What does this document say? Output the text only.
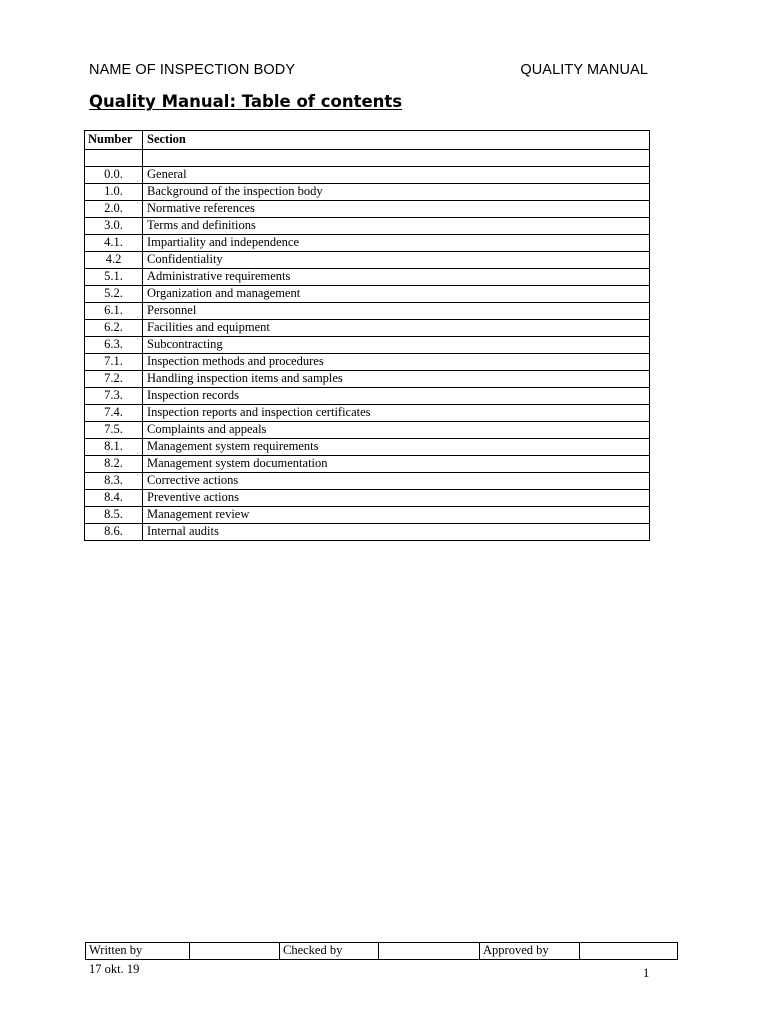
NAME OF INSPECTION BODY	QUALITY MANUAL
Quality Manual: Table of contents
Number	Section

0.0.	General
1.0.	Background of the inspection body
2.0.	Normative references
3.0.	Terms and definitions
4.1.	Impartiality and independence
4.2	Confidentiality
5.1.	Administrative requirements
5.2.	Organization and management
6.1.	Personnel
6.2.	Facilities and equipment
6.3.	Subcontracting
7.1.	Inspection methods and procedures
7.2.	Handling inspection items and samples
7.3.	Inspection records
7.4.	Inspection reports and inspection certificates
7.5.	Complaints and appeals
8.1.	Management system requirements
8.2.	Management system documentation
8.3.	Corrective actions
8.4.	Preventive actions
8.5.	Management review
8.6.	Internal audits
Written by		Checked by		Approved by	
17 okt. 19	1
